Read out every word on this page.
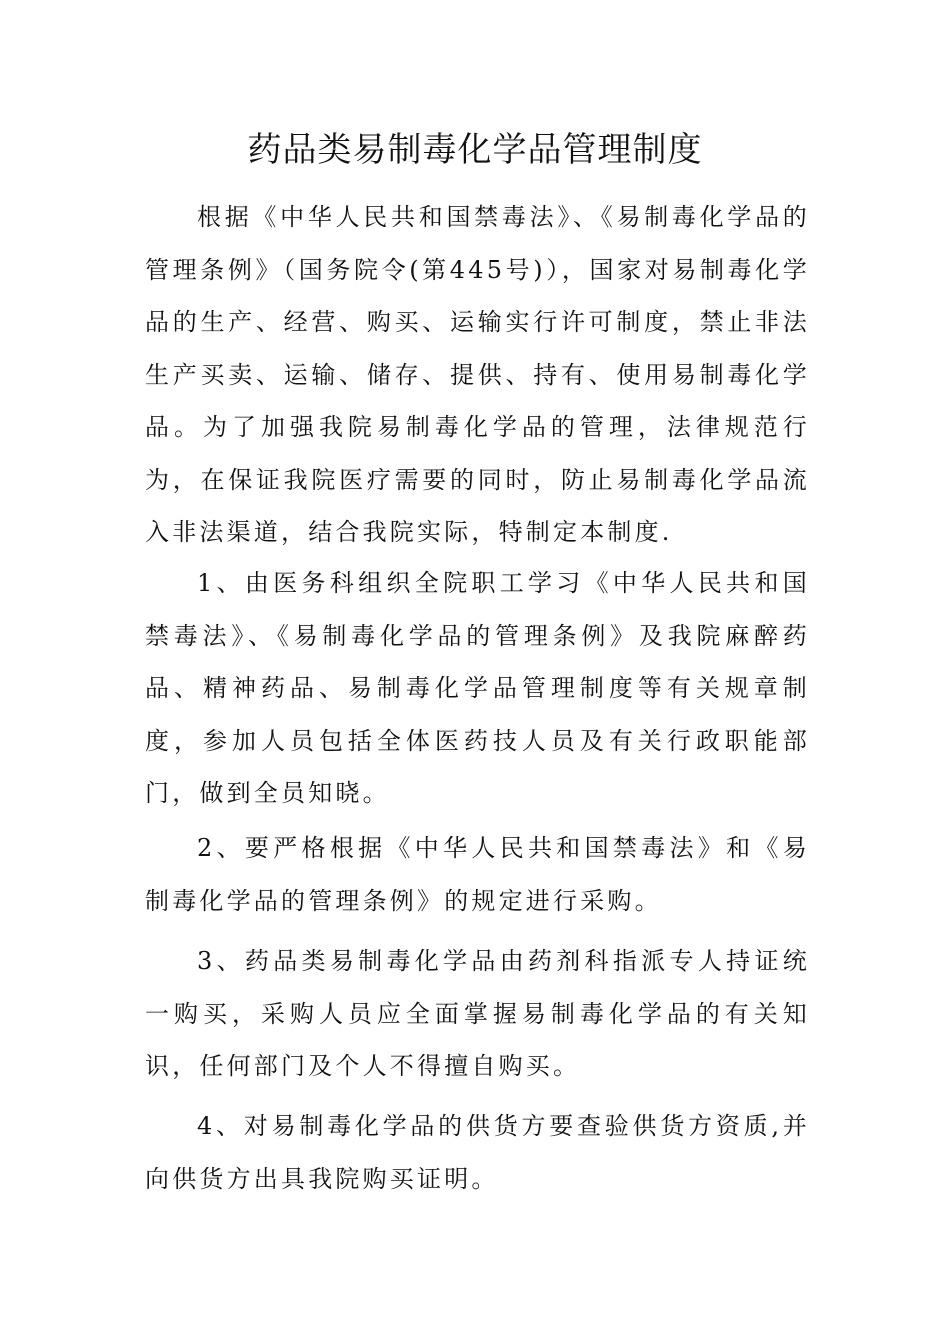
药品类易制毒化学品管理制度

根据《中华人民共和国禁毒法》、《易制毒化学品的管理条例》（国务院令(第445号)），国家对易制毒化学品的生产、经营、购买、运输实行许可制度，禁止非法生产买卖、运输、储存、提供、持有、使用易制毒化学品。为了加强我院易制毒化学品的管理，法律规范行为，在保证我院医疗需要的同时，防止易制毒化学品流入非法渠道，结合我院实际，特制定本制度.

1、由医务科组织全院职工学习《中华人民共和国禁毒法》、《易制毒化学品的管理条例》及我院麻醉药品、精神药品、易制毒化学品管理制度等有关规章制度，参加人员包括全体医药技人员及有关行政职能部门，做到全员知晓。

2、要严格根据《中华人民共和国禁毒法》和《易制毒化学品的管理条例》的规定进行采购。

3、药品类易制毒化学品由药剂科指派专人持证统一购买，采购人员应全面掌握易制毒化学品的有关知识，任何部门及个人不得擅自购买。

4、对易制毒化学品的供货方要查验供货方资质,并向供货方出具我院购买证明。
